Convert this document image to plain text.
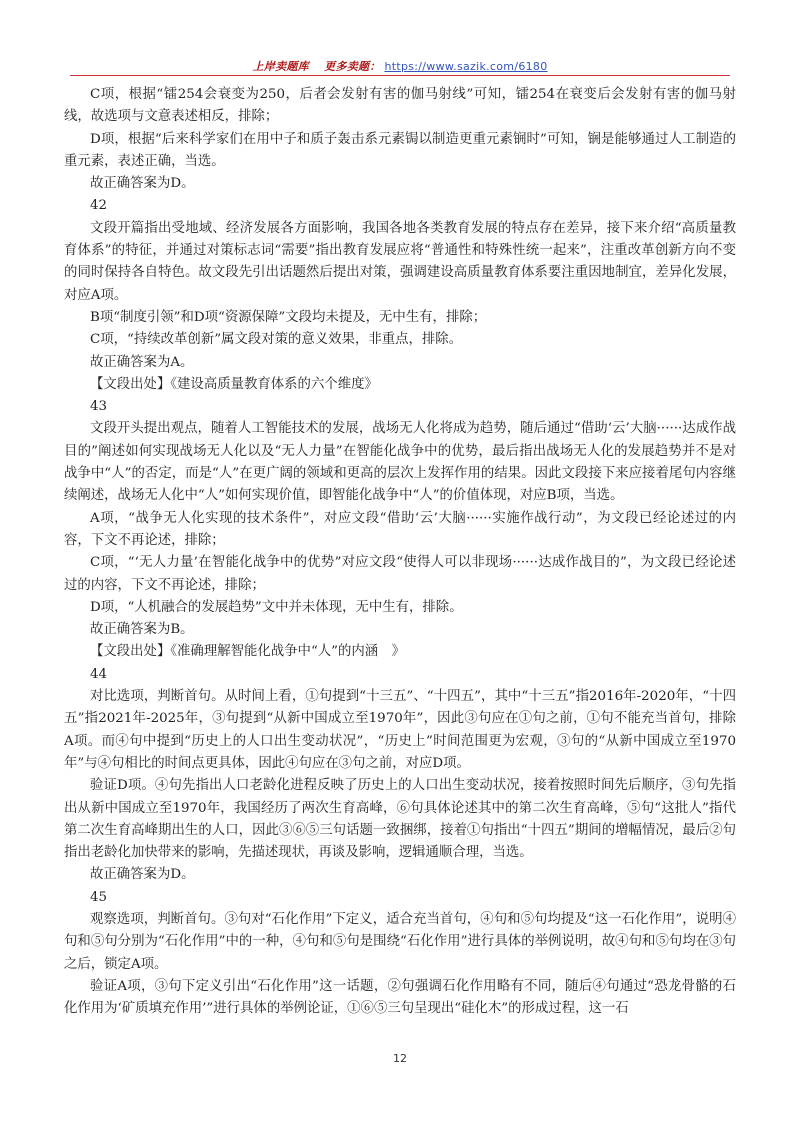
上岸卖题库 更多卖题： https://www.sazik.com/6180

C项，根据“镭254会衰变为250，后者会发射有害的伽马射线”可知，镭254在衰变后会发射有害的伽马射线，故选项与文意表述相反，排除；

D项，根据“后来科学家们在用中子和质子轰击系元素锔以制造更重元素锎时”可知，锎是能够通过人工制造的重元素，表述正确，当选。

故正确答案为D。

42

文段开篇指出受地域、经济发展各方面影响，我国各地各类教育发展的特点存在差异，接下来介绍“高质量教育体系”的特征，并通过对策标志词“需要”指出教育发展应将“普通性和特殊性统一起来”，注重改革创新方向不变的同时保持各自特色。故文段先引出话题然后提出对策，强调建设高质量教育体系要注重因地制宜，差异化发展，对应A项。

B项“制度引领”和D项“资源保障”文段均未提及，无中生有，排除；

C项，“持续改革创新”属文段对策的意义效果，非重点，排除。

故正确答案为A。

【文段出处】《建设高质量教育体系的六个维度》

43

文段开头提出观点，随着人工智能技术的发展，战场无人化将成为趋势，随后通过“借助‘云’大脑······达成作战目的”阐述如何实现战场无人化以及“无人力量”在智能化战争中的优势，最后指出战场无人化的发展趋势并不是对战争中“人”的否定，而是“人”在更广阔的领域和更高的层次上发挥作用的结果。因此文段接下来应接着尾句内容继续阐述，战场无人化中“人”如何实现价值，即智能化战争中“人”的价值体现，对应B项，当选。

A项，“战争无人化实现的技术条件”，对应文段“借助‘云’大脑······实施作战行动”，为文段已经论述过的内容，下文不再论述，排除；

C项，“‘无人力量’在智能化战争中的优势”对应文段“使得人可以非现场······达成作战目的”，为文段已经论述过的内容，下文不再论述，排除；

D项，“人机融合的发展趋势”文中并未体现，无中生有，排除。

故正确答案为B。

【文段出处】《准确理解智能化战争中“人”的内涵　》

44

对比选项，判断首句。从时间上看，①句提到“十三五”、“十四五”，其中“十三五”指2016年-2020年，“十四五”指2021年-2025年，③句提到“从新中国成立至1970年”，因此③句应在①句之前，①句不能充当首句，排除A项。而④句中提到“历史上的人口出生变动状况”，“历史上”时间范围更为宏观，③句的“从新中国成立至1970年”与④句相比的时间点更具体，因此④句应在③句之前，对应D项。

验证D项。④句先指出人口老龄化进程反映了历史上的人口出生变动状况，接着按照时间先后顺序，③句先指出从新中国成立至1970年，我国经历了两次生育高峰，⑥句具体论述其中的第二次生育高峰，⑤句“这批人”指代第二次生育高峰期出生的人口，因此③⑥⑤三句话题一致捆绑，接着①句指出“十四五”期间的增幅情况，最后②句指出老龄化加快带来的影响，先描述现状，再谈及影响，逻辑通顺合理，当选。

故正确答案为D。

45

观察选项，判断首句。③句对“石化作用”下定义，适合充当首句，④句和⑤句均提及“这一石化作用”，说明④句和⑤句分别为“石化作用”中的一种，④句和⑤句是围绕“石化作用”进行具体的举例说明，故④句和⑤句均在③句之后，锁定A项。

验证A项，③句下定义引出“石化作用”这一话题，②句强调石化作用略有不同，随后④句通过“恐龙骨骼的石化作用为‘矿质填充作用’”进行具体的举例论证，①⑥⑤三句呈现出“硅化木”的形成过程，这一石

12
